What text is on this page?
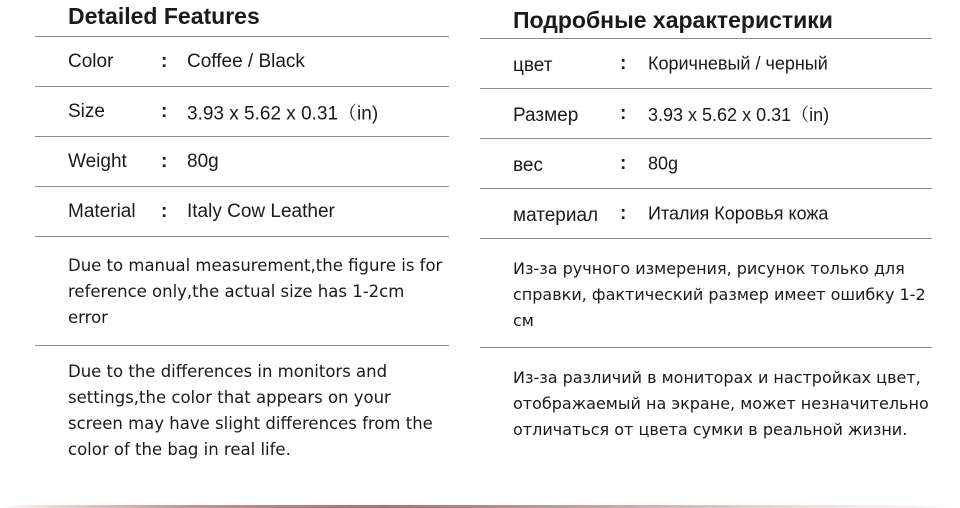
Detailed Features
Color	: Coffee / Black
Size	: 3.93 x 5.62 x 0.31（in)
Weight : 80g
Material : Italy Cow Leather

Due to manual measurement,the figure is for reference only,the actual size has 1-2cm error

Due to the differences in monitors and settings,the color that appears on your screen may have slight differences from the color of the bag in real life.

Подробные характеристики
цвет	: Коричневый / черный
Размер : 3.93 x 5.62 x 0.31（in)
вес	: 80g
материал : Италия Коровья кожа

Из-за ручного измерения, рисунок только для справки, фактический размер имеет ошибку 1-2 см

Из-за различий в мониторах и настройках цвет, отображаемый на экране, может незначительно отличаться от цвета сумки в реальной жизни.
